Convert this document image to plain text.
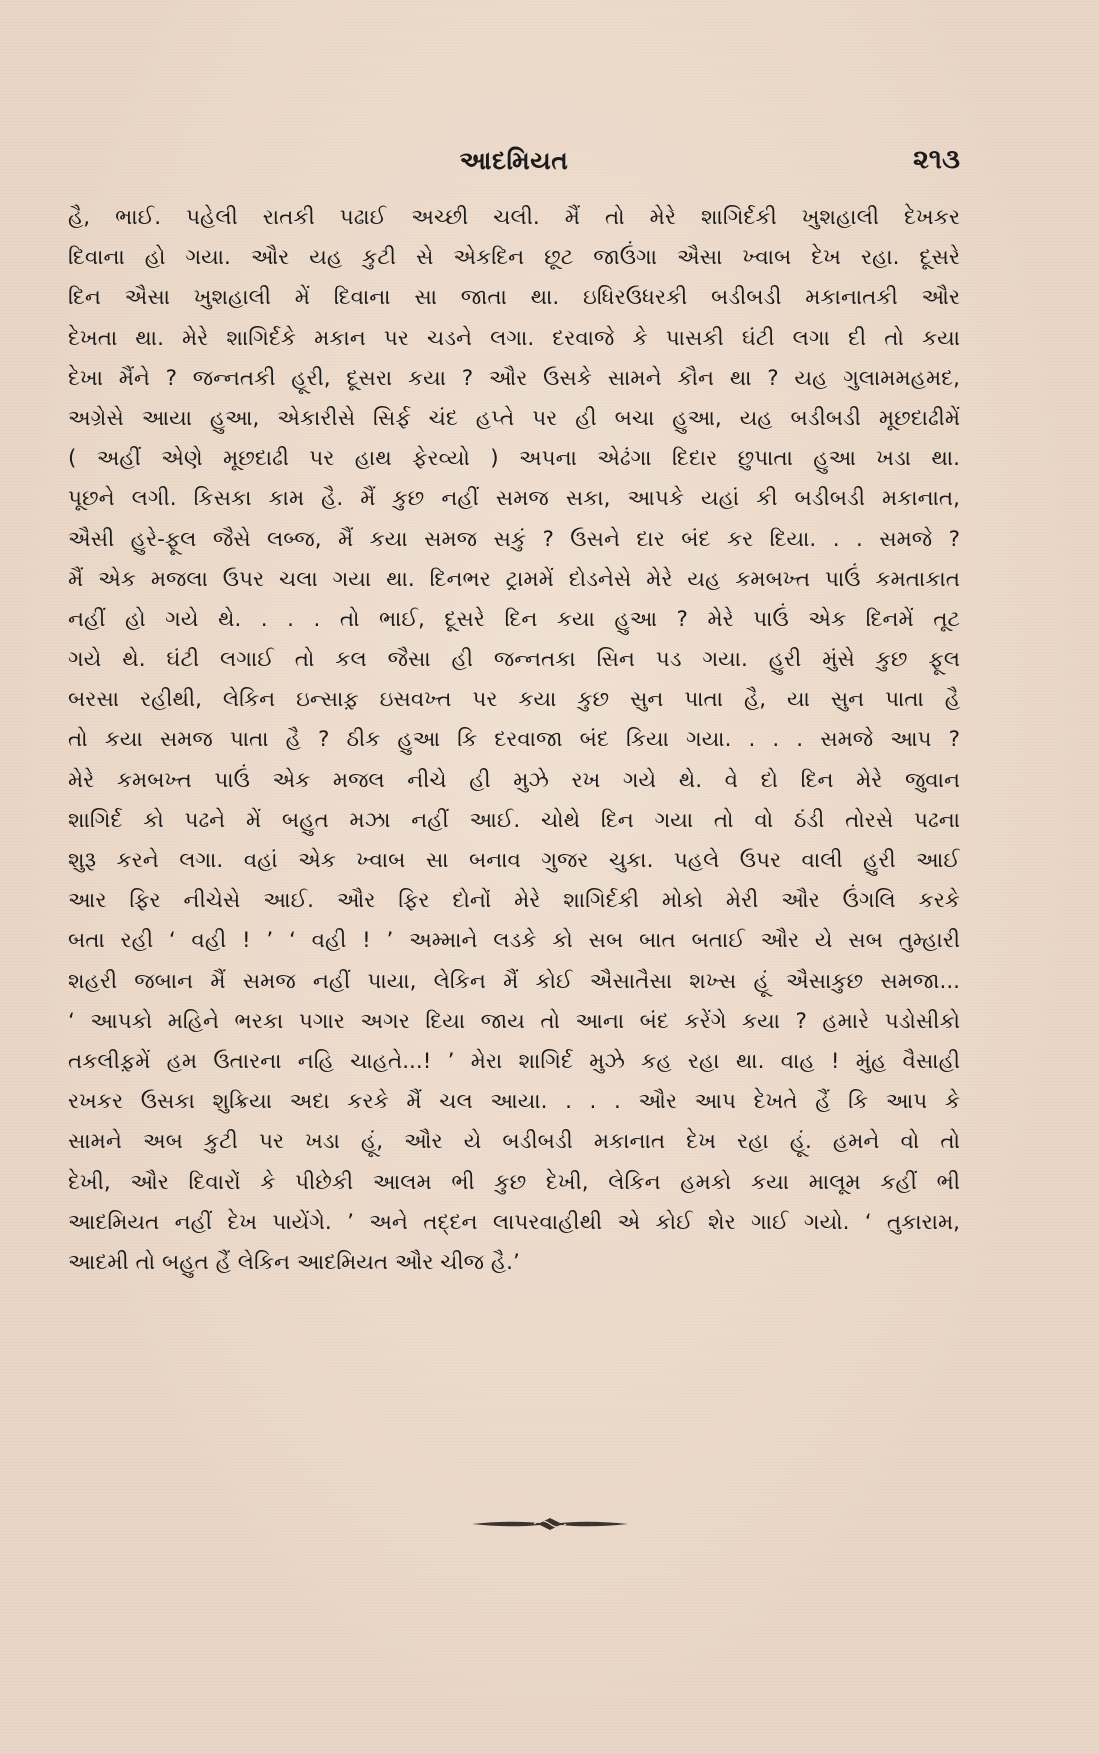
આદમિયત	૨૧૩
હૈ, ભાઈ. પહેલી રાતકી પઢાઈ અચ્છી ચલી. મૈં તો મેરે શાગિર્દકી ખુશહાલી દેખકર
દિવાના હો ગયા. ઔર યહ કુટી સે એકદિન છૂટ જાઉંગા ઐસા ખ્વાબ દેખ રહા. દૂસરે
દિન ઐસા ખુશહાલી મેં દિવાના સા જાતા થા. ઇધિરઉધરકી બડીબડી મકાનાતકી ઔર
દેખતા થા. મેરે શાગિર્દકે મકાન પર ચડને લગા. દરવાજે કે પાસકી ઘંટી લગા દી તો કયા
દેખા મૈંને ? જન્નતકી હૂરી, દૂસરા કયા ? ઔર ઉસકે સામને કૌન થા ? યહ ગુલામમહમદ,
અગ્રેસે આયા હુઆ, એકારીસે સિર્ફ ચંદ હપ્તે પર હી બચા હુઆ, યહ બડીબડી મૂછદાઢીમેં
( અહીં એણે મૂછદાઢી પર હાથ ફેરવ્યો ) અપના એઢંગા દિદાર છુપાતા હુઆ ખડા થા.
પૂછને લગી. કિસકા કામ હૈ. મૈં કુછ નહીં સમજ સકા, આપકે યહાં કી બડીબડી મકાનાત,
ઐસી હુરે-ફૂલ જૈસે લબ્જ, મૈં કયા સમજ સકું ? ઉસને દાર બંદ કર દિયા. . . સમજે ?
મૈં એક મજલા ઉપર ચલા ગયા થા. દિનભર ટ્રામમેં દોડનેસે મેરે યહ કમબખ્ત પાઉં કમતાકાત
નહીં હો ગયે થે. . . . તો ભાઈ, દૂસરે દિન કયા હુઆ ? મેરે પાઉં એક દિનમેં તૂટ
ગયે થે. ઘંટી લગાઈ તો કલ જૈસા હી જન્નતકા સિન પડ ગયા. હુરી મુંસે કુછ ફૂલ
બરસા રહીથી, લેકિન ઇન્સાફ઼ ઇસવખ્ત પર કયા કુછ સુન પાતા હૈ, યા સુન પાતા હૈ
તો કયા સમજ પાતા હૈ ? ઠીક હુઆ કિ દરવાજા બંદ કિયા ગયા. . . . સમજે આપ ?
મેરે કમબખ્ત પાઉં એક મજલ નીચે હી મુઝે રખ ગયે થે. વે દો દિન મેરે જુવાન
શાગિર્દ કો પઢને મેં બહુત મઝા નહીં આઈ. ચોથે દિન ગયા તો વો ઠંડી તોરસે પઢના
શુરૂ કરને લગા. વહાં એક ખ્વાબ સા બનાવ ગુજર ચુકા. પહલે ઉપર વાલી હુરી આઈ
આર ફિર નીચેસે આઈ. ઔર ફિર દોનોં મેરે શાગિર્દકી મોકો મેરી ઔર ઉંગલિ કરકે
બતા રહી ‘ વહી ! ’ ‘ વહી ! ’ અમ્માને લડકે કો સબ બાત બતાઈ ઔર યે સબ તુમ્હારી
શહરી જબાન મૈં સમજ નહીં પાયા, લેકિન મૈં કોઈ ઐસાતૈસા શખ્સ હૂં ઐસાકુછ સમજા...
‘ આપકો મહિને ભરકા પગાર અગર દિયા જાય તો આના બંદ કરેંગે કયા ? હમારે પડોસીકો
તકલીફ઼મેં હમ ઉતારના નહિ ચાહતે...! ’ મેરા શાગિર્દ મુઝે કહ રહા થા. વાહ ! મુંહ વૈસાહી
રખકર ઉસકા શુક્રિયા અદા કરકે મૈં ચલ આયા. . . . ઔર આપ દેખતે હૈં કિ આપ કે
સામને અબ કુટી પર ખડા હૂં, ઔર યે બડીબડી મકાનાત દેખ રહા હૂં. હમને વો તો
દેખી, ઔર દિવારોં કે પીછેકી આલમ ભી કુછ દેખી, લેકિન હમકો કયા માલૂમ કહીં ભી
આદમિયત નહીં દેખ પાયેંગે. ’ અને તદ્દન લાપરવાહીથી એ કોઈ શેર ગાઈ ગયો. ‘ તુકારામ,
આદમી તો બહુત હૈં લેકિન આદમિયત ઔર ચીજ હૈ.’
